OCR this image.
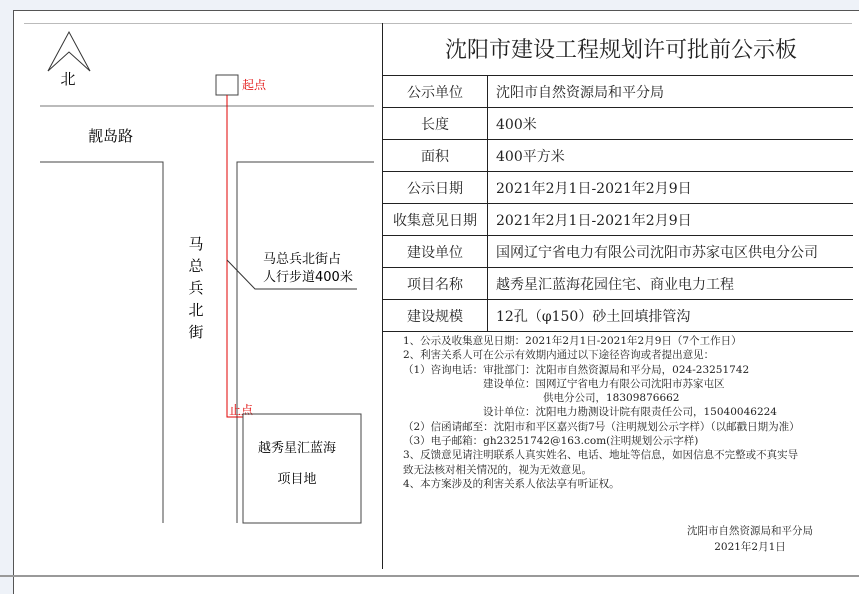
北
靓岛路
马
总
兵
北
街
起点
止点
马总兵北街占
人行步道400米
越秀星汇蓝海
项目地
沈阳市建设工程规划许可批前公示板
公示单位	沈阳市自然资源局和平分局
长度	400米
面积	400平方米
公示日期	2021年2月1日-2021年2月9日
收集意见日期	2021年2月1日-2021年2月9日
建设单位	国网辽宁省电力有限公司沈阳市苏家屯区供电分公司
项目名称	越秀星汇蓝海花园住宅、商业电力工程
建设规模	12孔（φ150）砂土回填排管沟
1、公示及收集意见日期：2021年2月1日-2021年2月9日（7个工作日）
2、利害关系人可在公示有效期内通过以下途径咨询或者提出意见：
（1）咨询电话：审批部门：沈阳市自然资源局和平分局，024-23251742
建设单位：国网辽宁省电力有限公司沈阳市苏家屯区
供电分公司，18309876662
设计单位：沈阳电力勘测设计院有限责任公司，15040046224
（2）信函请邮至：沈阳市和平区嘉兴街7号（注明规划公示字样）（以邮戳日期为准）
（3）电子邮箱：gh23251742@163.com(注明规划公示字样)
3、反馈意见请注明联系人真实姓名、电话、地址等信息，如因信息不完整或不真实导
致无法核对相关情况的，视为无效意见。
4、本方案涉及的利害关系人依法享有听证权。
沈阳市自然资源局和平分局
2021年2月1日
